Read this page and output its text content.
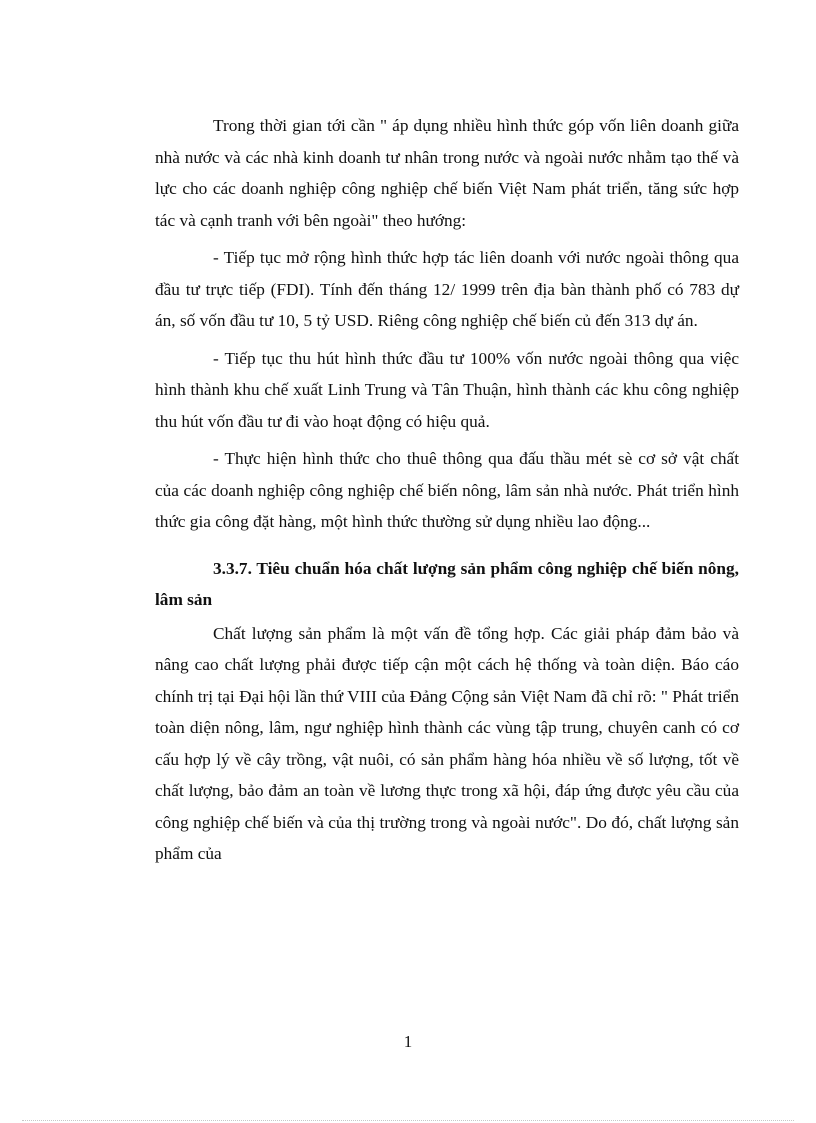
Trong thời gian tới cần " áp dụng nhiều hình thức góp vốn liên doanh giữa nhà nước và các nhà kinh doanh tư nhân trong nước và ngoài nước nhằm tạo thế và lực cho các doanh nghiệp công nghiệp chế biến Việt Nam phát triển, tăng sức hợp tác và cạnh tranh với bên ngoài" theo hướng:

- Tiếp tục mở rộng hình thức hợp tác liên doanh với nước ngoài thông qua đầu tư trực tiếp (FDI). Tính đến tháng 12/ 1999 trên địa bàn thành phố có 783 dự án, số vốn đầu tư 10, 5 tỷ USD. Riêng công nghiệp chế biến củ đến 313 dự án.

- Tiếp tục thu hút hình thức đầu tư 100% vốn nước ngoài thông qua việc hình thành khu chế xuất Linh Trung và Tân Thuận, hình thành các khu công nghiệp thu hút vốn đầu tư đi vào hoạt động có hiệu quả.

- Thực hiện hình thức cho thuê thông qua đấu thầu mét sè cơ sở vật chất của các doanh nghiệp công nghiệp chế biến nông, lâm sản nhà nước. Phát triển hình thức gia công đặt hàng, một hình thức thường sử dụng nhiều lao động...

3.3.7. Tiêu chuẩn hóa chất lượng sản phẩm công nghiệp chế biến nông, lâm sản

Chất lượng sản phẩm là một vấn đề tổng hợp. Các giải pháp đảm bảo và nâng cao chất lượng phải được tiếp cận một cách hệ thống và toàn diện. Báo cáo chính trị tại Đại hội lần thứ VIII của Đảng Cộng sản Việt Nam đã chỉ rõ: " Phát triển toàn diện nông, lâm, ngư nghiệp hình thành các vùng tập trung, chuyên canh có cơ cấu hợp lý về cây trồng, vật nuôi, có sản phẩm hàng hóa nhiều về số lượng, tốt về chất lượng, bảo đảm an toàn về lương thực trong xã hội, đáp ứng được yêu cầu của công nghiệp chế biến và của thị trường trong và ngoài nước". Do đó, chất lượng sản phẩm của

1
